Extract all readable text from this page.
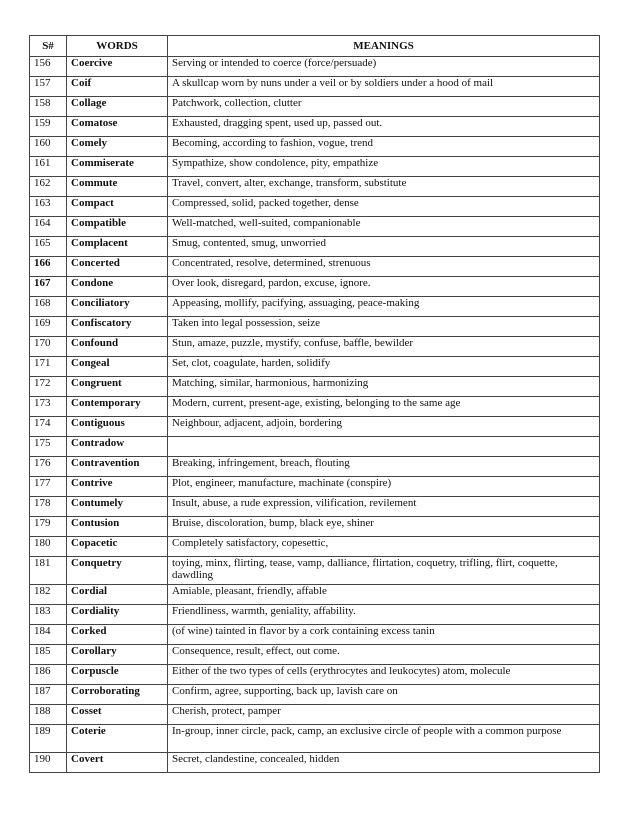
S#	WORDS	MEANINGS
156	Coercive	Serving or intended to coerce (force/persuade)
157	Coif	A skullcap worn by nuns under a veil or by soldiers under a hood of mail
158	Collage	Patchwork, collection, clutter
159	Comatose	Exhausted, dragging spent, used up, passed out.
160	Comely	Becoming, according to fashion, vogue, trend
161	Commiserate	Sympathize, show condolence, pity, empathize
162	Commute	Travel, convert, alter, exchange, transform, substitute
163	Compact	Compressed, solid, packed together, dense
164	Compatible	Well-matched, well-suited, companionable
165	Complacent	Smug, contented, smug, unworried
166	Concerted	Concentrated, resolve, determined, strenuous
167	Condone	Over look, disregard, pardon, excuse, ignore.
168	Conciliatory	Appeasing, mollify, pacifying, assuaging, peace-making
169	Confiscatory	Taken into legal possession, seize
170	Confound	Stun, amaze, puzzle, mystify, confuse, baffle, bewilder
171	Congeal	Set, clot, coagulate, harden, solidify
172	Congruent	Matching, similar, harmonious, harmonizing
173	Contemporary	Modern, current, present-age, existing, belonging to the same age
174	Contiguous	Neighbour, adjacent, adjoin, bordering
175	Contradow	
176	Contravention	Breaking, infringement, breach, flouting
177	Contrive	Plot, engineer, manufacture, machinate (conspire)
178	Contumely	Insult, abuse, a rude expression, vilification, revilement
179	Contusion	Bruise, discoloration, bump, black eye, shiner
180	Copacetic	Completely satisfactory, copesettic,
181	Conquetry	toying, minx, flirting, tease, vamp, dalliance, flirtation, coquetry, trifling, flirt, coquette, dawdling
182	Cordial	Amiable, pleasant, friendly, affable
183	Cordiality	Friendliness, warmth, geniality, affability.
184	Corked	(of wine) tainted in flavor by a cork containing excess tanin
185	Corollary	Consequence, result, effect, out come.
186	Corpuscle	Either of the two types of cells (erythrocytes and leukocytes) atom, molecule
187	Corroborating	Confirm, agree, supporting, back up, lavish care on
188	Cosset	Cherish, protect, pamper
189	Coterie	In-group, inner circle, pack, camp, an exclusive circle of people with a common purpose
190	Covert	Secret, clandestine, concealed, hidden
